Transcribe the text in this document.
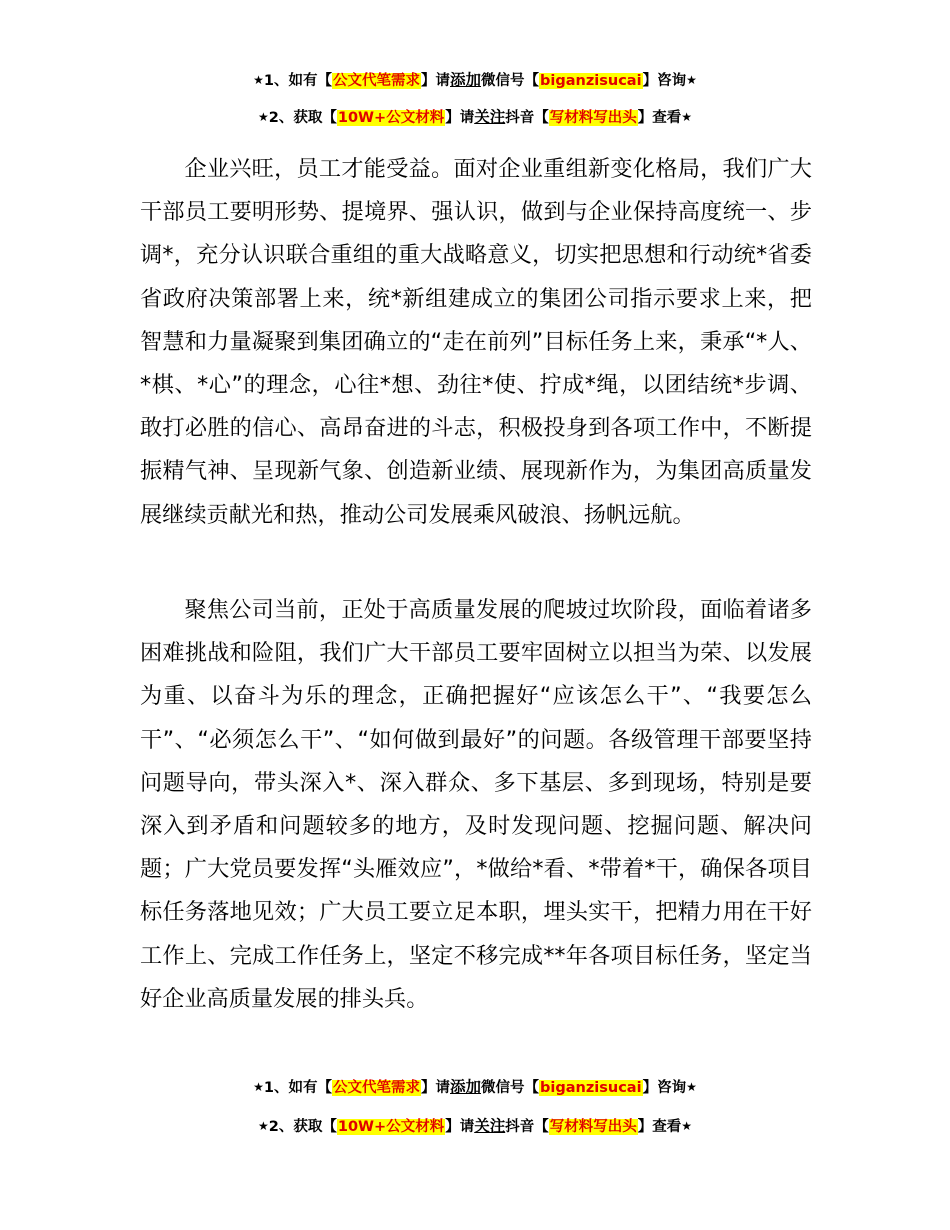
★1、如有【公文代笔需求】请添加微信号【biganzisucai】咨询★
★2、获取【10W+公文材料】请关注抖音【写材料写出头】查看★

企业兴旺，员工才能受益。面对企业重组新变化格局，我们广大干部员工要明形势、提境界、强认识，做到与企业保持高度统一、步调*，充分认识联合重组的重大战略意义，切实把思想和行动统*省委省政府决策部署上来，统*新组建成立的集团公司指示要求上来，把智慧和力量凝聚到集团确立的“走在前列”目标任务上来，秉承“*人、*棋、*心”的理念，心往*想、劲往*使、拧成*绳，以团结统*步调、敢打必胜的信心、高昂奋进的斗志，积极投身到各项工作中，不断提振精气神、呈现新气象、创造新业绩、展现新作为，为集团高质量发展继续贡献光和热，推动公司发展乘风破浪、扬帆远航。

聚焦公司当前，正处于高质量发展的爬坡过坎阶段，面临着诸多困难挑战和险阻，我们广大干部员工要牢固树立以担当为荣、以发展为重、以奋斗为乐的理念，正确把握好“应该怎么干”、“我要怎么干”、“必须怎么干”、“如何做到最好”的问题。各级管理干部要坚持问题导向，带头深入*、深入群众、多下基层、多到现场，特别是要深入到矛盾和问题较多的地方，及时发现问题、挖掘问题、解决问题；广大党员要发挥“头雁效应”，*做给*看、*带着*干，确保各项目标任务落地见效；广大员工要立足本职，埋头实干，把精力用在干好工作上、完成工作任务上，坚定不移完成**年各项目标任务，坚定当好企业高质量发展的排头兵。

★1、如有【公文代笔需求】请添加微信号【biganzisucai】咨询★
★2、获取【10W+公文材料】请关注抖音【写材料写出头】查看★
